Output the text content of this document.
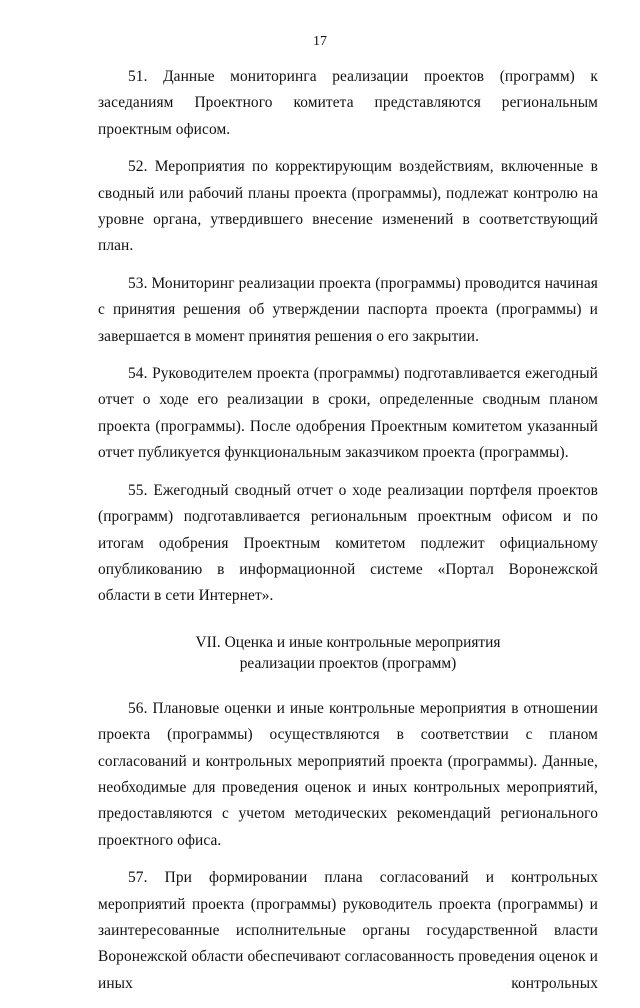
17

51. Данные мониторинга реализации проектов (программ) к заседаниям Проектного комитета представляются региональным проектным офисом.

52. Мероприятия по корректирующим воздействиям, включенные в сводный или рабочий планы проекта (программы), подлежат контролю на уровне органа, утвердившего внесение изменений в соответствующий план.

53. Мониторинг реализации проекта (программы) проводится начиная с принятия решения об утверждении паспорта проекта (программы) и завершается в момент принятия решения о его закрытии.

54. Руководителем проекта (программы) подготавливается ежегодный отчет о ходе его реализации в сроки, определенные сводным планом проекта (программы). После одобрения Проектным комитетом указанный отчет публикуется функциональным заказчиком проекта (программы).

55. Ежегодный сводный отчет о ходе реализации портфеля проектов (программ) подготавливается региональным проектным офисом и по итогам одобрения Проектным комитетом подлежит официальному опубликованию в информационной системе «Портал Воронежской области в сети Интернет».

VII. Оценка и иные контрольные мероприятия
реализации проектов (программ)

56. Плановые оценки и иные контрольные мероприятия в отношении проекта (программы) осуществляются в соответствии с планом согласований и контрольных мероприятий проекта (программы). Данные, необходимые для проведения оценок и иных контрольных мероприятий, предоставляются с учетом методических рекомендаций регионального проектного офиса.

57. При формировании плана согласований и контрольных мероприятий проекта (программы) руководитель проекта (программы) и заинтересованные исполнительные органы государственной власти Воронежской области обеспечивают согласованность проведения оценок и иных контрольных
